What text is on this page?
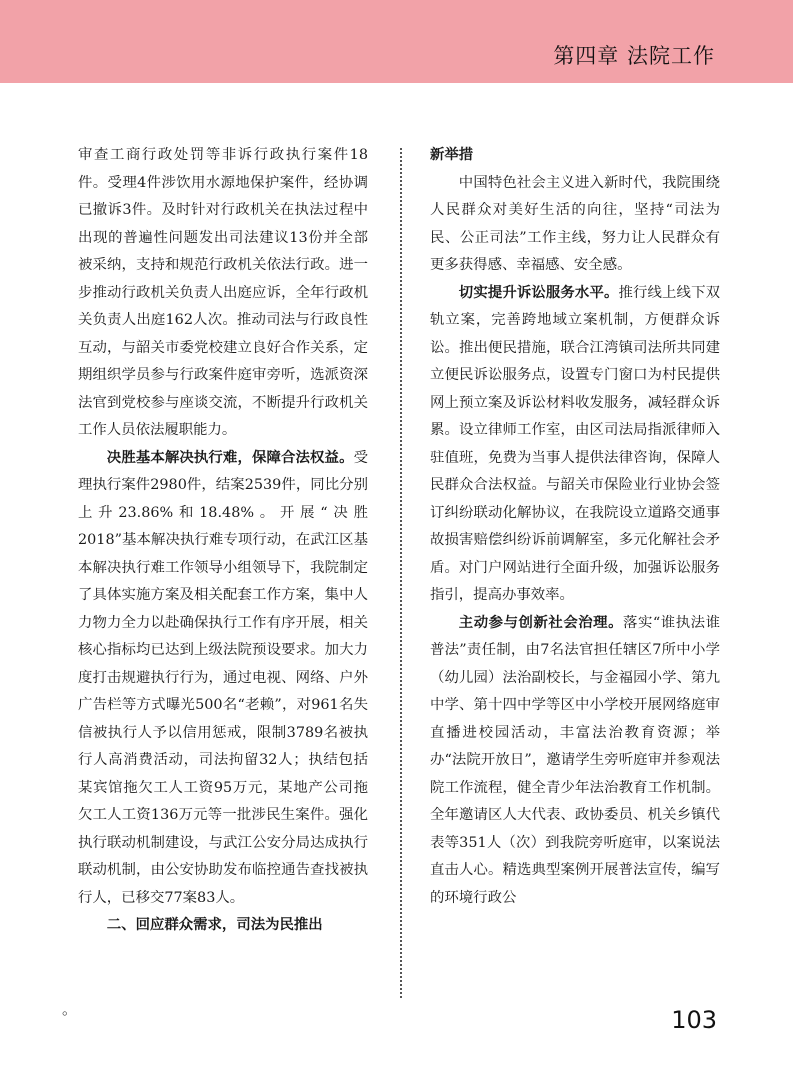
第四章 法院工作

审查工商行政处罚等非诉行政执行案件18件。受理4件涉饮用水源地保护案件，经协调已撤诉3件。及时针对行政机关在执法过程中出现的普遍性问题发出司法建议13份并全部被采纳，支持和规范行政机关依法行政。进一步推动行政机关负责人出庭应诉，全年行政机关负责人出庭162人次。推动司法与行政良性互动，与韶关市委党校建立良好合作关系，定期组织学员参与行政案件庭审旁听，选派资深法官到党校参与座谈交流，不断提升行政机关工作人员依法履职能力。

决胜基本解决执行难，保障合法权益。受理执行案件2980件，结案2539件，同比分别上升23.86%和18.48%。开展“决胜2018”基本解决执行难专项行动，在武江区基本解决执行难工作领导小组领导下，我院制定了具体实施方案及相关配套工作方案，集中人力物力全力以赴确保执行工作有序开展，相关核心指标均已达到上级法院预设要求。加大力度打击规避执行行为，通过电视、网络、户外广告栏等方式曝光500名“老赖”，对961名失信被执行人予以信用惩戒，限制3789名被执行人高消费活动，司法拘留32人；执结包括某宾馆拖欠工人工资95万元，某地产公司拖欠工人工资136万元等一批涉民生案件。强化执行联动机制建设，与武江公安分局达成执行联动机制，由公安协助发布临控通告查找被执行人，已移交77案83人。

二、回应群众需求，司法为民推出

新举措

中国特色社会主义进入新时代，我院围绕人民群众对美好生活的向往，坚持“司法为民、公正司法”工作主线，努力让人民群众有更多获得感、幸福感、安全感。

切实提升诉讼服务水平。推行线上线下双轨立案，完善跨地域立案机制，方便群众诉讼。推出便民措施，联合江湾镇司法所共同建立便民诉讼服务点，设置专门窗口为村民提供网上预立案及诉讼材料收发服务，减轻群众诉累。设立律师工作室，由区司法局指派律师入驻值班，免费为当事人提供法律咨询，保障人民群众合法权益。与韶关市保险业行业协会签订纠纷联动化解协议，在我院设立道路交通事故损害赔偿纠纷诉前调解室，多元化解社会矛盾。对门户网站进行全面升级，加强诉讼服务指引，提高办事效率。

主动参与创新社会治理。落实“谁执法谁普法”责任制，由7名法官担任辖区7所中小学（幼儿园）法治副校长，与金福园小学、第九中学、第十四中学等区中小学校开展网络庭审直播进校园活动，丰富法治教育资源；举办“法院开放日”，邀请学生旁听庭审并参观法院工作流程，健全青少年法治教育工作机制。全年邀请区人大代表、政协委员、机关乡镇代表等351人（次）到我院旁听庭审，以案说法直击人心。精选典型案例开展普法宣传，编写的环境行政公

。	103
